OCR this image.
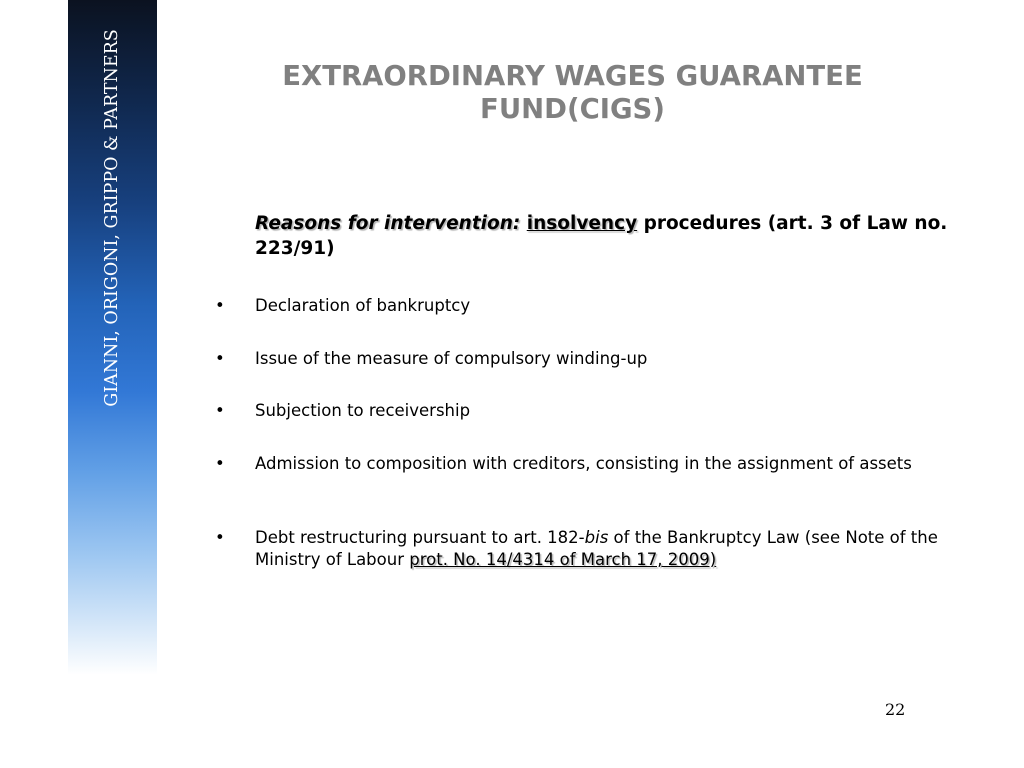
GIANNI, ORIGONI, GRIPPO & PARTNERS	EXTRAORDINARY WAGES GUARANTEE
FUND(CIGS)

Reasons for intervention: insolvency procedures (art. 3 of Law no. 223/91)

•	Declaration of bankruptcy
•	Issue of the measure of compulsory winding-up
•	Subjection to receivership
•	Admission to composition with creditors, consisting in the assignment of assets
•	Debt restructuring pursuant to art. 182-bis of the Bankruptcy Law (see Note of the Ministry of Labour prot. No. 14/4314 of March 17, 2009)
22
